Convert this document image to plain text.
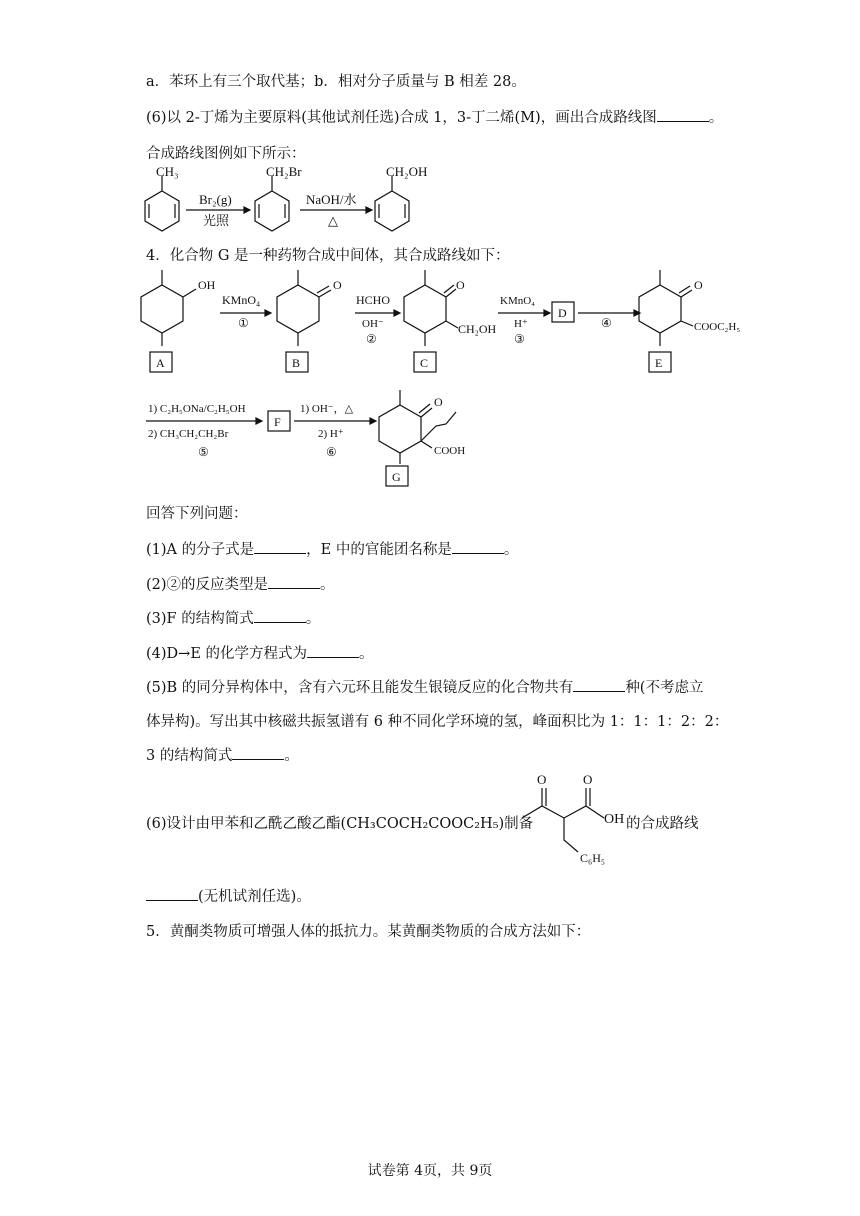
a．苯环上有三个取代基；b．相对分子质量与 B 相差 28。
(6)以 2-丁烯为主要原料(其他试剂任选)合成 1，3-丁二烯(M)，画出合成路线图	。
合成路线图例如下所示：
CH₃
Br₂(g)
光照
CH₂Br
NaOH/水
△
CH₂OH
4．化合物 G 是一种药物合成中间体，其合成路线如下：
OH
A
KMnO₄
①
O
B
HCHO
OH⁻
②
O
CH₂OH
C
KMnO₄
H⁺
③
D
④
O
COOC₂H₅
E
1) C₂H₅ONa/C₂H₅OH
2) CH₃CH₂CH₂Br
⑤
F
1) OH⁻，△
2) H⁺
⑥
O
COOH
G
回答下列问题：
(1)A 的分子式是	，E 中的官能团名称是	。
(2)②的反应类型是	。
(3)F 的结构简式	。
(4)D→E 的化学方程式为	。
(5)B 的同分异构体中，含有六元环且能发生银镜反应的化合物共有	种(不考虑立
体异构)。写出其中核磁共振氢谱有 6 种不同化学环境的氢，峰面积比为 1：1：1：2：2：
3 的结构简式	。
(6)设计由甲苯和乙酰乙酸乙酯(CH₃COCH₂COOC₂H₅)制备
O	O
OH
C₆H₅
的合成路线
(无机试剂任选)。
5．黄酮类物质可增强人体的抵抗力。某黄酮类物质的合成方法如下：
试卷第 4页，共 9页
